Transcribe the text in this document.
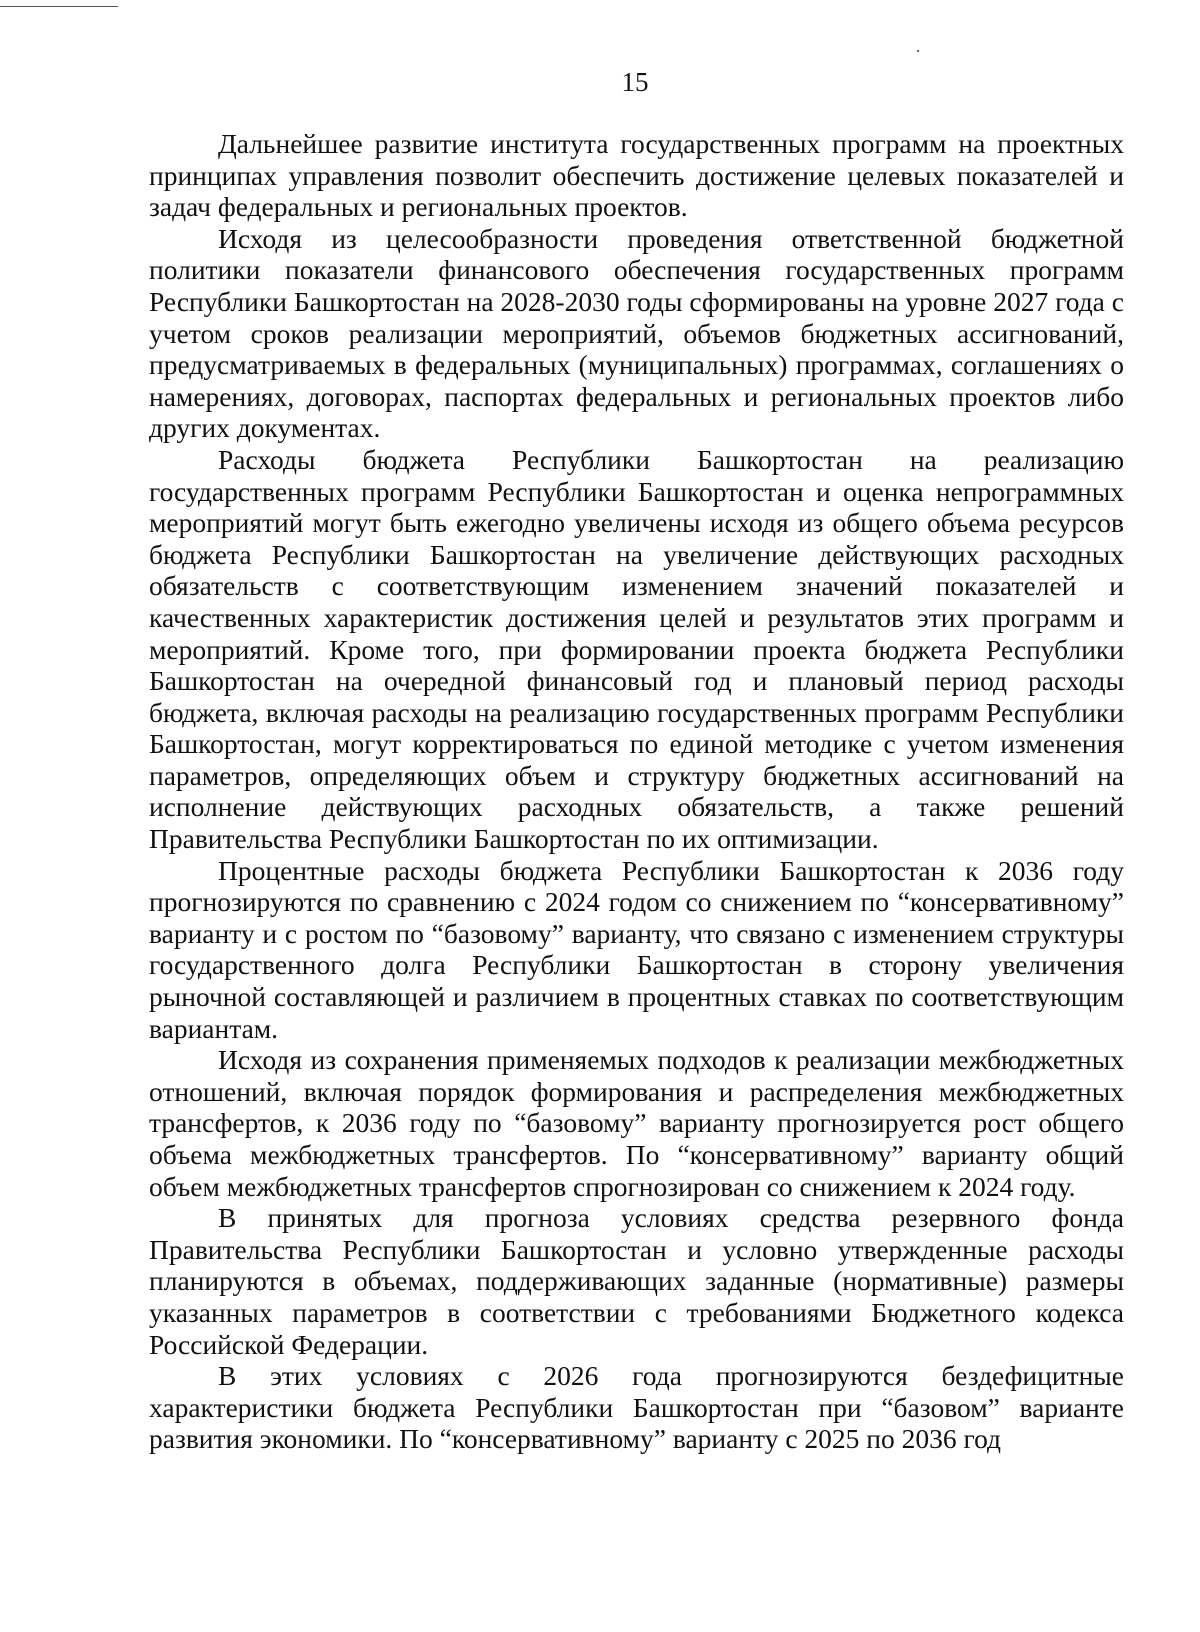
15

Дальнейшее развитие института государственных программ на проектных принципах управления позволит обеспечить достижение целевых показателей и задач федеральных и региональных проектов.

Исходя из целесообразности проведения ответственной бюджетной политики показатели финансового обеспечения государственных программ Республики Башкортостан на 2028-2030 годы сформированы на уровне 2027 года с учетом сроков реализации мероприятий, объемов бюджетных ассигнований, предусматриваемых в федеральных (муниципальных) программах, соглашениях о намерениях, договорах, паспортах федеральных и региональных проектов либо других документах.

Расходы бюджета Республики Башкортостан на реализацию государственных программ Республики Башкортостан и оценка непрограммных мероприятий могут быть ежегодно увеличены исходя из общего объема ресурсов бюджета Республики Башкортостан на увеличение действующих расходных обязательств с соответствующим изменением значений показателей и качественных характеристик достижения целей и результатов этих программ и мероприятий. Кроме того, при формировании проекта бюджета Республики Башкортостан на очередной финансовый год и плановый период расходы бюджета, включая расходы на реализацию государственных программ Республики Башкортостан, могут корректироваться по единой методике с учетом изменения параметров, определяющих объем и структуру бюджетных ассигнований на исполнение действующих расходных обязательств, а также решений Правительства Республики Башкортостан по их оптимизации.

Процентные расходы бюджета Республики Башкортостан к 2036 году прогнозируются по сравнению с 2024 годом со снижением по “консервативному” варианту и с ростом по “базовому” варианту, что связано с изменением структуры государственного долга Республики Башкортостан в сторону увеличения рыночной составляющей и различием в процентных ставках по соответствующим вариантам.

Исходя из сохранения применяемых подходов к реализации межбюджетных отношений, включая порядок формирования и распределения межбюджетных трансфертов, к 2036 году по “базовому” варианту прогнозируется рост общего объема межбюджетных трансфертов. По “консервативному” варианту общий объем межбюджетных трансфертов спрогнозирован со снижением к 2024 году.

В принятых для прогноза условиях средства резервного фонда Правительства Республики Башкортостан и условно утвержденные расходы планируются в объемах, поддерживающих заданные (нормативные) размеры указанных параметров в соответствии с требованиями Бюджетного кодекса Российской Федерации.

В этих условиях с 2026 года прогнозируются бездефицитные характеристики бюджета Республики Башкортостан при “базовом” варианте развития экономики. По “консервативному” варианту с 2025 по 2036 год
